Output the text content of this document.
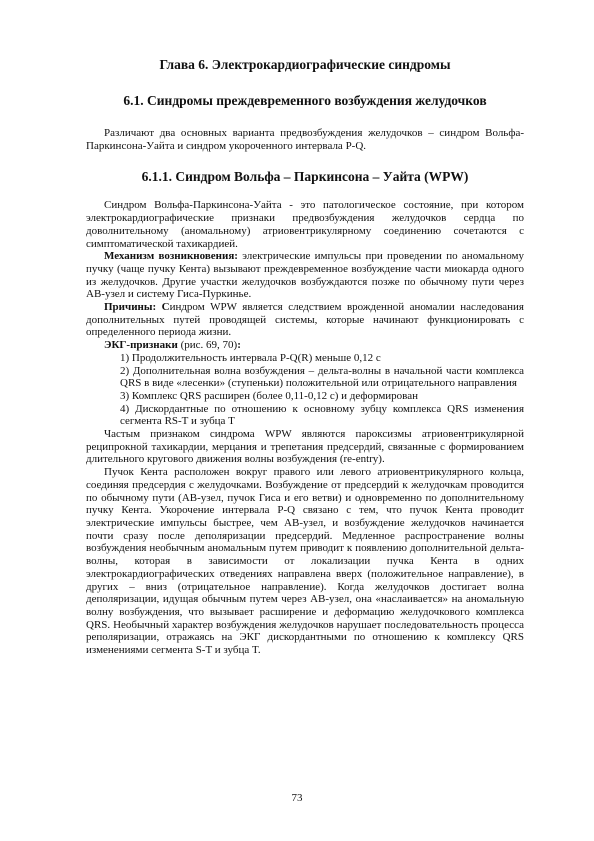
Глава 6. Электрокардиографические синдромы
6.1. Синдромы преждевременного возбуждения желудочков

Различают два основных варианта предвозбуждения желудочков – синдром Вольфа-Паркинсона-Уайта и синдром укороченного интервала P-Q.

6.1.1. Синдром Вольфа – Паркинсона – Уайта (WPW)

Синдром Вольфа-Паркинсона-Уайта - это патологическое состояние, при котором электрокардиографические признаки предвозбуждения желудочков сердца по доволнительному (аномальному) атриовентрикулярному соединению сочетаются с симптоматической тахикардией.

Механизм возникновения: электрические импульсы при проведении по аномальному пучку (чаще пучку Кента) вызывают преждевременное возбуждение части миокарда одного из желудочков. Другие участки желудочков возбуждаются позже по обычному пути через АВ-узел и систему Гиса-Пуркинье.

Причины: Синдром WPW является следствием врожденной аномалии наследования дополнительных путей проводящей системы, которые начинают функционировать с определенного периода жизни.

ЭКГ-признаки (рис. 69, 70):

1) Продолжительность интервала P-Q(R) меньше 0,12 с
2) Дополнительная волна возбуждения – дельта-волны в начальной части комплекса QRS в виде «лесенки» (ступеньки) положительной или отрицательного направления
3) Комплекс QRS расширен (более 0,11-0,12 с) и деформирован
4) Дискордантные по отношению к основному зубцу комплекса QRS изменения сегмента RS-T и зубца T

Частым признаком синдрома WPW являются пароксизмы атриовентрикулярной реципрокной тахикардии, мерцания и трепетания предсердий, связанные с формированием длительного кругового движения волны возбуждения (re-entry).

Пучок Кента расположен вокруг правого или левого атриовентрикулярного кольца, соединяя предсердия с желудочками. Возбуждение от предсердий к желудочкам проводится по обычному пути (АВ-узел, пучок Гиса и его ветви) и одновременно по дополнительному пучку Кента. Укорочение интервала P-Q связано с тем, что пучок Кента проводит электрические импульсы быстрее, чем АВ-узел, и возбуждение желудочков начинается почти сразу после деполяризации предсердий. Медленное распространение волны возбуждения необычным аномальным путем приводит к появлению дополнительной дельта-волны, которая в зависимости от локализации пучка Кента в одних электрокардиографических отведениях направлена вверх (положительное направление), в других – вниз (отрицательное направление). Когда желудочков достигает волна деполяризации, идущая обычным путем через АВ-узел, она «наслаивается» на аномальную волну возбуждения, что вызывает расширение и деформацию желудочкового комплекса QRS. Необычный характер возбуждения желудочков нарушает последовательность процесса реполяризации, отражаясь на ЭКГ дискордантными по отношению к комплексу QRS изменениями сегмента S-T и зубца T.

73
